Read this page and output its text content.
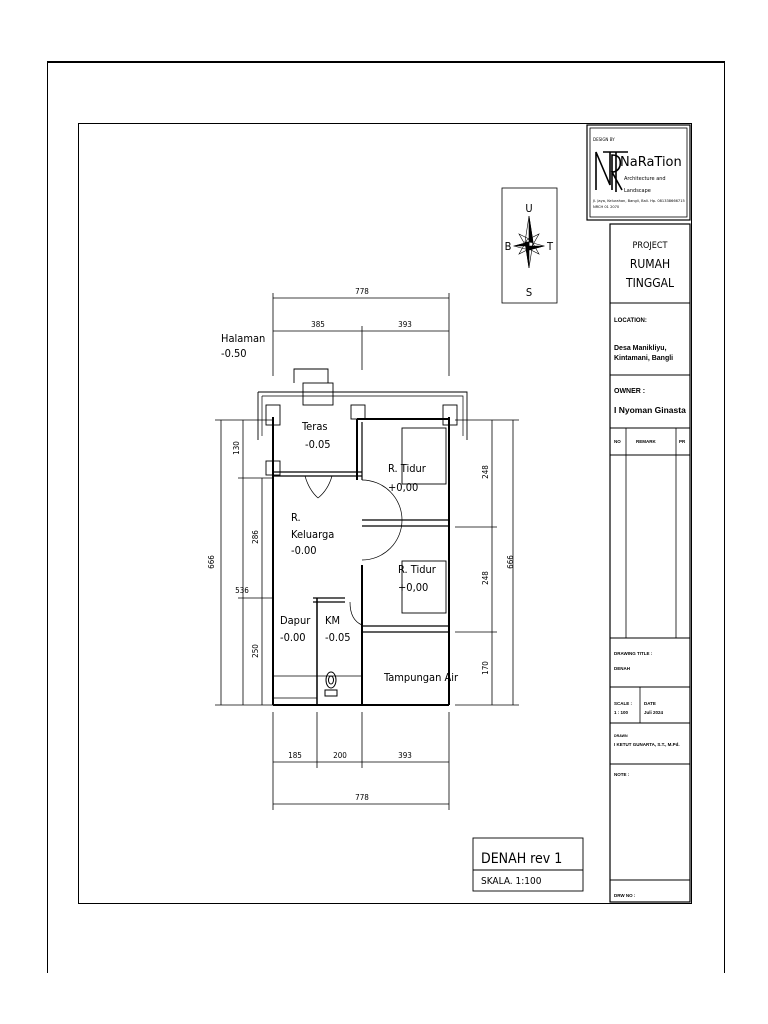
DESIGN BY
NaRaTion
Architecture and
Landscape
Jl. Jaya, Kelurahan, Bangli, Bali. Hp. 081338666715
NRCH 01 2070
PROJECT
RUMAH
TINGGAL
LOCATION:
Desa Manikliyu,
Kintamani, Bangli
OWNER :
I Nyoman Ginasta
NO	REMARK	PR
DRAWING TITLE :
DENAH
SCALE :
1 : 100
DATE
Juli 2024
DRAWN
I KETUT GUNARTA, S.T., M.Pd.
NOTE :
DRW NO :
U
S
B	T
778
385	393
185	200	393
778
666
130
286
536
250
248
248
170
666
Halaman
-0.50
Teras
-0.05
R. Tidur
+0,00
R.
Keluarga
-0.00
R. Tidur
+0,00
Dapur
-0.00
KM
-0.05
Tampungan Air
DENAH rev 1
SKALA. 1:100
